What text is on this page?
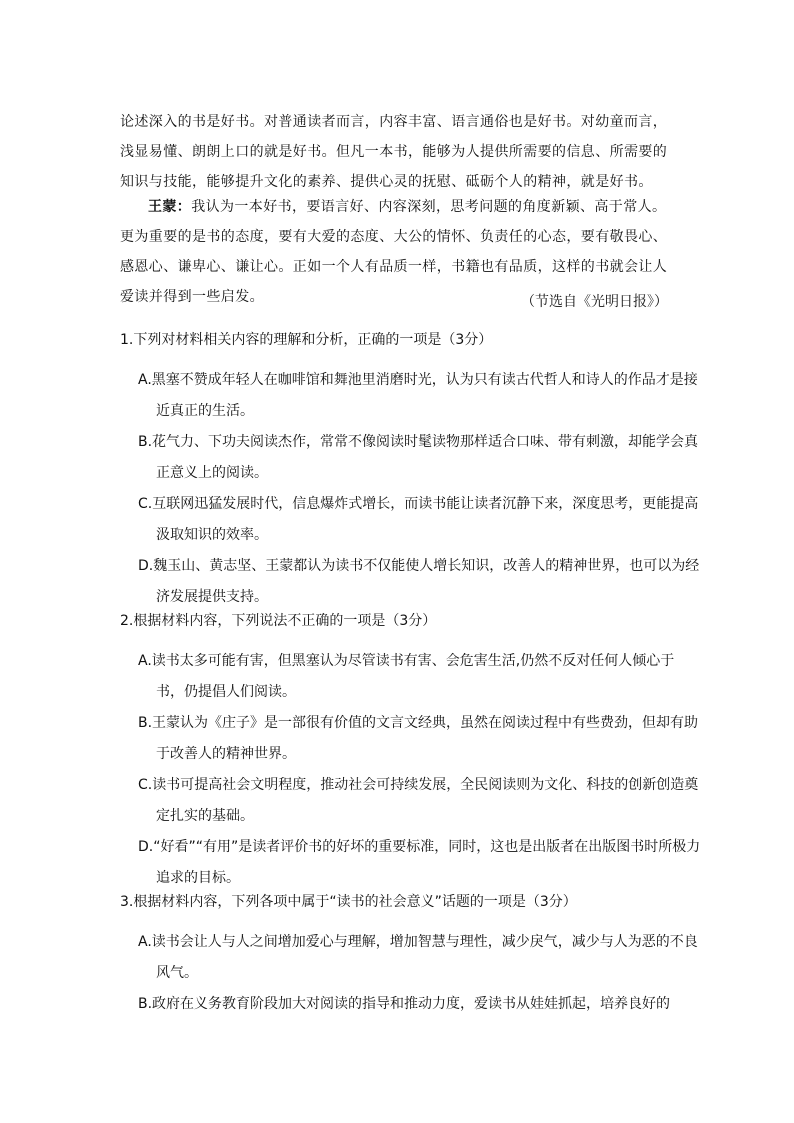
论述深入的书是好书。对普通读者而言，内容丰富、语言通俗也是好书。对幼童而言，浅显易懂、朗朗上口的就是好书。但凡一本书，能够为人提供所需要的信息、所需要的知识与技能，能够提升文化的素养、提供心灵的抚慰、砥砺个人的精神，就是好书。

王蒙：我认为一本好书，要语言好、内容深刻，思考问题的角度新颖、高于常人。更为重要的是书的态度，要有大爱的态度、大公的情怀、负责任的心态，要有敬畏心、感恩心、谦卑心、谦让心。正如一个人有品质一样，书籍也有品质，这样的书就会让人爱读并得到一些启发。	（节选自《光明日报》）
1.下列对材料相关内容的理解和分析，正确的一项是（3分）
A.黑塞不赞成年轻人在咖啡馆和舞池里消磨时光，认为只有读古代哲人和诗人的作品才是接近真正的生活。
B.花气力、下功夫阅读杰作，常常不像阅读时髦读物那样适合口味、带有刺激，却能学会真正意义上的阅读。
C.互联网迅猛发展时代，信息爆炸式增长，而读书能让读者沉静下来，深度思考，更能提高汲取知识的效率。
D.魏玉山、黄志坚、王蒙都认为读书不仅能使人增长知识，改善人的精神世界，也可以为经济发展提供支持。
2.根据材料内容，下列说法不正确的一项是（3分）
A.读书太多可能有害，但黑塞认为尽管读书有害、会危害生活,仍然不反对任何人倾心于书，仍提倡人们阅读。
B.王蒙认为《庄子》是一部很有价值的文言文经典，虽然在阅读过程中有些费劲，但却有助于改善人的精神世界。
C.读书可提高社会文明程度，推动社会可持续发展，全民阅读则为文化、科技的创新创造奠定扎实的基础。
D.“好看”“有用”是读者评价书的好坏的重要标准，同时，这也是出版者在出版图书时所极力追求的目标。
3.根据材料内容，下列各项中属于“读书的社会意义”话题的一项是（3分）
A.读书会让人与人之间增加爱心与理解，增加智慧与理性，减少戾气，减少与人为恶的不良风气。
B.政府在义务教育阶段加大对阅读的指导和推动力度，爱读书从娃娃抓起，培养良好的
